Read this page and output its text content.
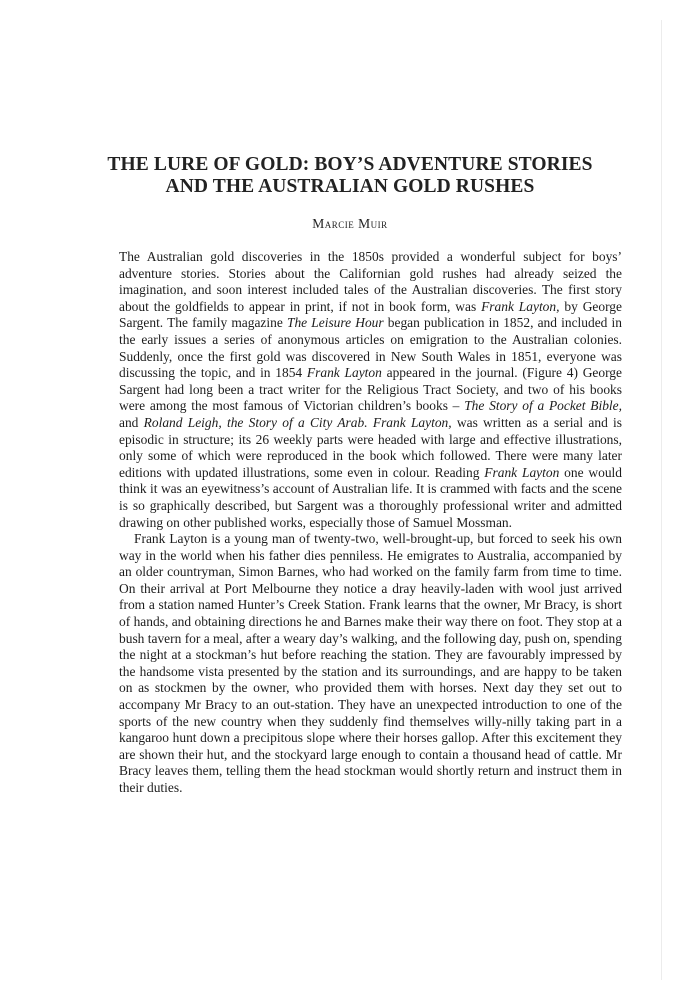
THE LURE OF GOLD: BOY’S ADVENTURE STORIES
AND THE AUSTRALIAN GOLD RUSHES
Marcie Muir

The Australian gold discoveries in the 1850s provided a wonderful subject for boys’ adventure stories. Stories about the Californian gold rushes had already seized the imagination, and soon interest included tales of the Australian discoveries. The first story about the goldfields to appear in print, if not in book form, was Frank Layton, by George Sargent. The family magazine The Leisure Hour began publication in 1852, and included in the early issues a series of anonymous articles on emigration to the Australian colonies. Suddenly, once the first gold was discovered in New South Wales in 1851, everyone was discussing the topic, and in 1854 Frank Layton appeared in the journal. (Figure 4) George Sargent had long been a tract writer for the Religious Tract Society, and two of his books were among the most famous of Victorian children’s books – The Story of a Pocket Bible, and Roland Leigh, the Story of a City Arab. Frank Layton, was written as a serial and is episodic in structure; its 26 weekly parts were headed with large and effective illustrations, only some of which were reproduced in the book which followed. There were many later editions with updated illustrations, some even in colour. Reading Frank Layton one would think it was an eyewitness’s account of Australian life. It is crammed with facts and the scene is so graphically described, but Sargent was a thoroughly professional writer and admitted drawing on other published works, especially those of Samuel Mossman.

Frank Layton is a young man of twenty-two, well-brought-up, but forced to seek his own way in the world when his father dies penniless. He emigrates to Australia, accompanied by an older countryman, Simon Barnes, who had worked on the family farm from time to time. On their arrival at Port Melbourne they notice a dray heavily-laden with wool just arrived from a station named Hunter’s Creek Station. Frank learns that the owner, Mr Bracy, is short of hands, and obtaining directions he and Barnes make their way there on foot. They stop at a bush tavern for a meal, after a weary day’s walking, and the following day, push on, spending the night at a stockman’s hut before reaching the station. They are favourably impressed by the handsome vista presented by the station and its surroundings, and are happy to be taken on as stockmen by the owner, who provided them with horses. Next day they set out to accompany Mr Bracy to an out-station. They have an unexpected introduction to one of the sports of the new country when they suddenly find themselves willy-nilly taking part in a kangaroo hunt down a precipitous slope where their horses gallop. After this excitement they are shown their hut, and the stockyard large enough to contain a thousand head of cattle. Mr Bracy leaves them, telling them the head stockman would shortly return and instruct them in their duties.
